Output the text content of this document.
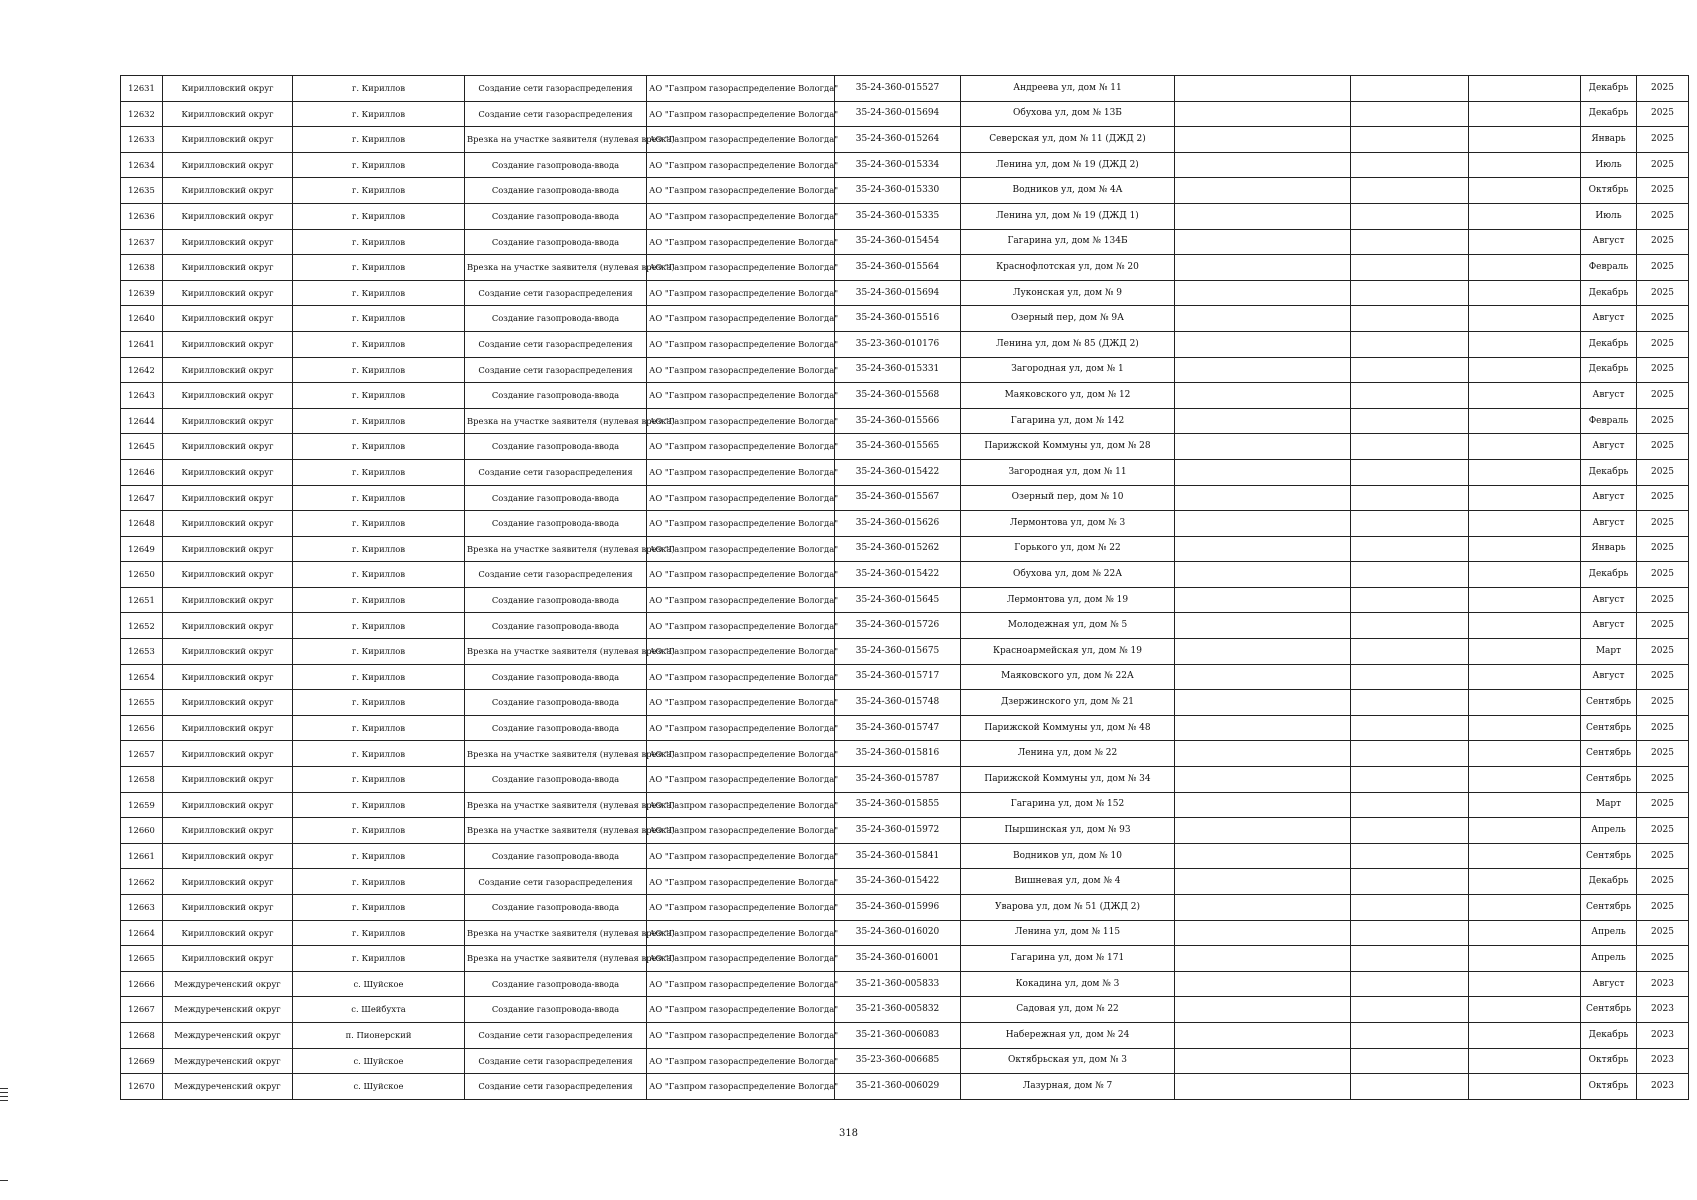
12631	Кирилловский округ	г. Кириллов	Создание сети газораспределения	АО "Газпром газораспределение Вологда"	35-24-360-015527	Андреева ул, дом № 11				Декабрь	2025
12632	Кирилловский округ	г. Кириллов	Создание сети газораспределения	АО "Газпром газораспределение Вологда"	35-24-360-015694	Обухова ул, дом № 13Б				Декабрь	2025
12633	Кирилловский округ	г. Кириллов	Врезка на участке заявителя (нулевая врезка)	АО "Газпром газораспределение Вологда"	35-24-360-015264	Северская ул, дом № 11 (ДЖД 2)				Январь	2025
12634	Кирилловский округ	г. Кириллов	Создание газопровода-ввода	АО "Газпром газораспределение Вологда"	35-24-360-015334	Ленина ул, дом № 19 (ДЖД 2)				Июль	2025
12635	Кирилловский округ	г. Кириллов	Создание газопровода-ввода	АО "Газпром газораспределение Вологда"	35-24-360-015330	Водников ул, дом № 4А				Октябрь	2025
12636	Кирилловский округ	г. Кириллов	Создание газопровода-ввода	АО "Газпром газораспределение Вологда"	35-24-360-015335	Ленина ул, дом № 19 (ДЖД 1)				Июль	2025
12637	Кирилловский округ	г. Кириллов	Создание газопровода-ввода	АО "Газпром газораспределение Вологда"	35-24-360-015454	Гагарина ул, дом № 134Б				Август	2025
12638	Кирилловский округ	г. Кириллов	Врезка на участке заявителя (нулевая врезка)	АО "Газпром газораспределение Вологда"	35-24-360-015564	Краснофлотская ул, дом № 20				Февраль	2025
12639	Кирилловский округ	г. Кириллов	Создание сети газораспределения	АО "Газпром газораспределение Вологда"	35-24-360-015694	Луконская ул, дом № 9				Декабрь	2025
12640	Кирилловский округ	г. Кириллов	Создание газопровода-ввода	АО "Газпром газораспределение Вологда"	35-24-360-015516	Озерный пер, дом № 9А				Август	2025
12641	Кирилловский округ	г. Кириллов	Создание сети газораспределения	АО "Газпром газораспределение Вологда"	35-23-360-010176	Ленина ул, дом № 85 (ДЖД 2)				Декабрь	2025
12642	Кирилловский округ	г. Кириллов	Создание сети газораспределения	АО "Газпром газораспределение Вологда"	35-24-360-015331	Загородная ул, дом № 1				Декабрь	2025
12643	Кирилловский округ	г. Кириллов	Создание газопровода-ввода	АО "Газпром газораспределение Вологда"	35-24-360-015568	Маяковского ул, дом № 12				Август	2025
12644	Кирилловский округ	г. Кириллов	Врезка на участке заявителя (нулевая врезка)	АО "Газпром газораспределение Вологда"	35-24-360-015566	Гагарина ул, дом № 142				Февраль	2025
12645	Кирилловский округ	г. Кириллов	Создание газопровода-ввода	АО "Газпром газораспределение Вологда"	35-24-360-015565	Парижской Коммуны ул, дом № 28				Август	2025
12646	Кирилловский округ	г. Кириллов	Создание сети газораспределения	АО "Газпром газораспределение Вологда"	35-24-360-015422	Загородная ул, дом № 11				Декабрь	2025
12647	Кирилловский округ	г. Кириллов	Создание газопровода-ввода	АО "Газпром газораспределение Вологда"	35-24-360-015567	Озерный пер, дом № 10				Август	2025
12648	Кирилловский округ	г. Кириллов	Создание газопровода-ввода	АО "Газпром газораспределение Вологда"	35-24-360-015626	Лермонтова ул, дом № 3				Август	2025
12649	Кирилловский округ	г. Кириллов	Врезка на участке заявителя (нулевая врезка)	АО "Газпром газораспределение Вологда"	35-24-360-015262	Горького ул, дом № 22				Январь	2025
12650	Кирилловский округ	г. Кириллов	Создание сети газораспределения	АО "Газпром газораспределение Вологда"	35-24-360-015422	Обухова ул, дом № 22А				Декабрь	2025
12651	Кирилловский округ	г. Кириллов	Создание газопровода-ввода	АО "Газпром газораспределение Вологда"	35-24-360-015645	Лермонтова ул, дом № 19				Август	2025
12652	Кирилловский округ	г. Кириллов	Создание газопровода-ввода	АО "Газпром газораспределение Вологда"	35-24-360-015726	Молодежная ул, дом № 5				Август	2025
12653	Кирилловский округ	г. Кириллов	Врезка на участке заявителя (нулевая врезка)	АО "Газпром газораспределение Вологда"	35-24-360-015675	Красноармейская ул, дом № 19				Март	2025
12654	Кирилловский округ	г. Кириллов	Создание газопровода-ввода	АО "Газпром газораспределение Вологда"	35-24-360-015717	Маяковского ул, дом № 22А				Август	2025
12655	Кирилловский округ	г. Кириллов	Создание газопровода-ввода	АО "Газпром газораспределение Вологда"	35-24-360-015748	Дзержинского ул, дом № 21				Сентябрь	2025
12656	Кирилловский округ	г. Кириллов	Создание газопровода-ввода	АО "Газпром газораспределение Вологда"	35-24-360-015747	Парижской Коммуны ул, дом № 48				Сентябрь	2025
12657	Кирилловский округ	г. Кириллов	Врезка на участке заявителя (нулевая врезка)	АО "Газпром газораспределение Вологда"	35-24-360-015816	Ленина ул, дом № 22				Сентябрь	2025
12658	Кирилловский округ	г. Кириллов	Создание газопровода-ввода	АО "Газпром газораспределение Вологда"	35-24-360-015787	Парижской Коммуны ул, дом № 34				Сентябрь	2025
12659	Кирилловский округ	г. Кириллов	Врезка на участке заявителя (нулевая врезка)	АО "Газпром газораспределение Вологда"	35-24-360-015855	Гагарина ул, дом № 152				Март	2025
12660	Кирилловский округ	г. Кириллов	Врезка на участке заявителя (нулевая врезка)	АО "Газпром газораспределение Вологда"	35-24-360-015972	Пыршинская ул, дом № 93				Апрель	2025
12661	Кирилловский округ	г. Кириллов	Создание газопровода-ввода	АО "Газпром газораспределение Вологда"	35-24-360-015841	Водников ул, дом № 10				Сентябрь	2025
12662	Кирилловский округ	г. Кириллов	Создание сети газораспределения	АО "Газпром газораспределение Вологда"	35-24-360-015422	Вишневая ул, дом № 4				Декабрь	2025
12663	Кирилловский округ	г. Кириллов	Создание газопровода-ввода	АО "Газпром газораспределение Вологда"	35-24-360-015996	Уварова ул, дом № 51 (ДЖД 2)				Сентябрь	2025
12664	Кирилловский округ	г. Кириллов	Врезка на участке заявителя (нулевая врезка)	АО "Газпром газораспределение Вологда"	35-24-360-016020	Ленина ул, дом № 115				Апрель	2025
12665	Кирилловский округ	г. Кириллов	Врезка на участке заявителя (нулевая врезка)	АО "Газпром газораспределение Вологда"	35-24-360-016001	Гагарина ул, дом № 171				Апрель	2025
12666	Междуреченский округ	с. Шуйское	Создание газопровода-ввода	АО "Газпром газораспределение Вологда"	35-21-360-005833	Кокадина ул, дом № 3				Август	2023
12667	Междуреченский округ	с. Шейбухта	Создание газопровода-ввода	АО "Газпром газораспределение Вологда"	35-21-360-005832	Садовая ул, дом № 22				Сентябрь	2023
12668	Междуреченский округ	п. Пионерский	Создание сети газораспределения	АО "Газпром газораспределение Вологда"	35-21-360-006083	Набережная ул, дом № 24				Декабрь	2023
12669	Междуреченский округ	с. Шуйское	Создание сети газораспределения	АО "Газпром газораспределение Вологда"	35-23-360-006685	Октябрьская ул, дом № 3				Октябрь	2023
12670	Междуреченский округ	с. Шуйское	Создание сети газораспределения	АО "Газпром газораспределение Вологда"	35-21-360-006029	Лазурная, дом № 7				Октябрь	2023
318
